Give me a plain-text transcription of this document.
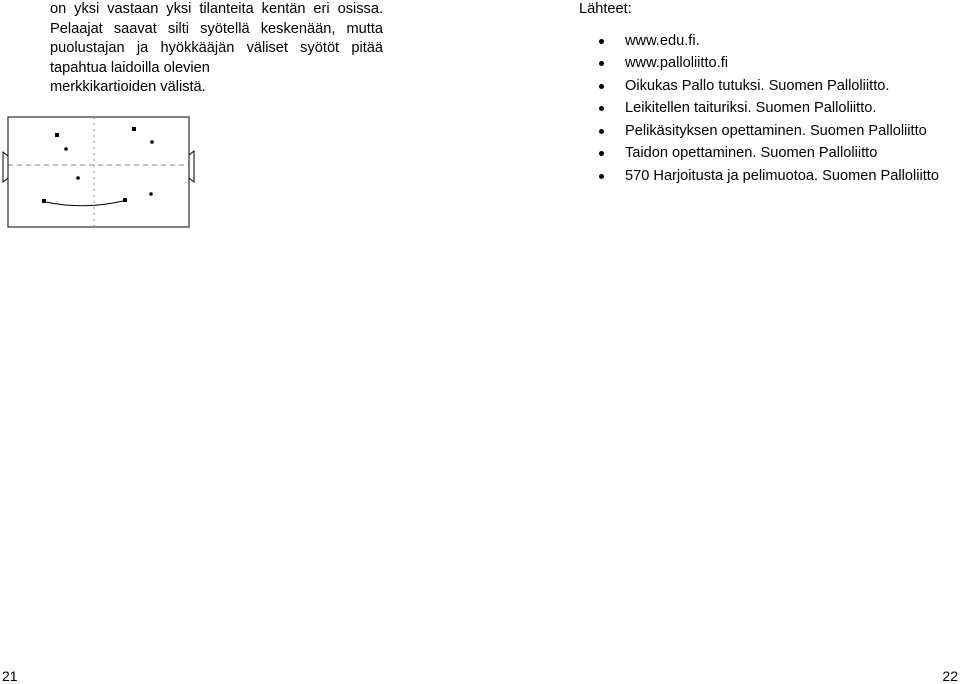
on yksi vastaan yksi tilanteita kentän eri osissa. Pelaajat saavat silti syötellä keskenään, mutta puolustajan ja hyökkääjän väliset syötöt pitää tapahtua laidoilla olevien
merkkikartioiden välistä.

Lähteet:
www.edu.fi.
www.palloliitto.fi
Oikukas Pallo tutuksi. Suomen Palloliitto.
Leikitellen taituriksi. Suomen Palloliitto.
Pelikäsityksen opettaminen. Suomen Palloliitto
Taidon opettaminen. Suomen Palloliitto
570 Harjoitusta ja pelimuotoa. Suomen Palloliitto
21	22
